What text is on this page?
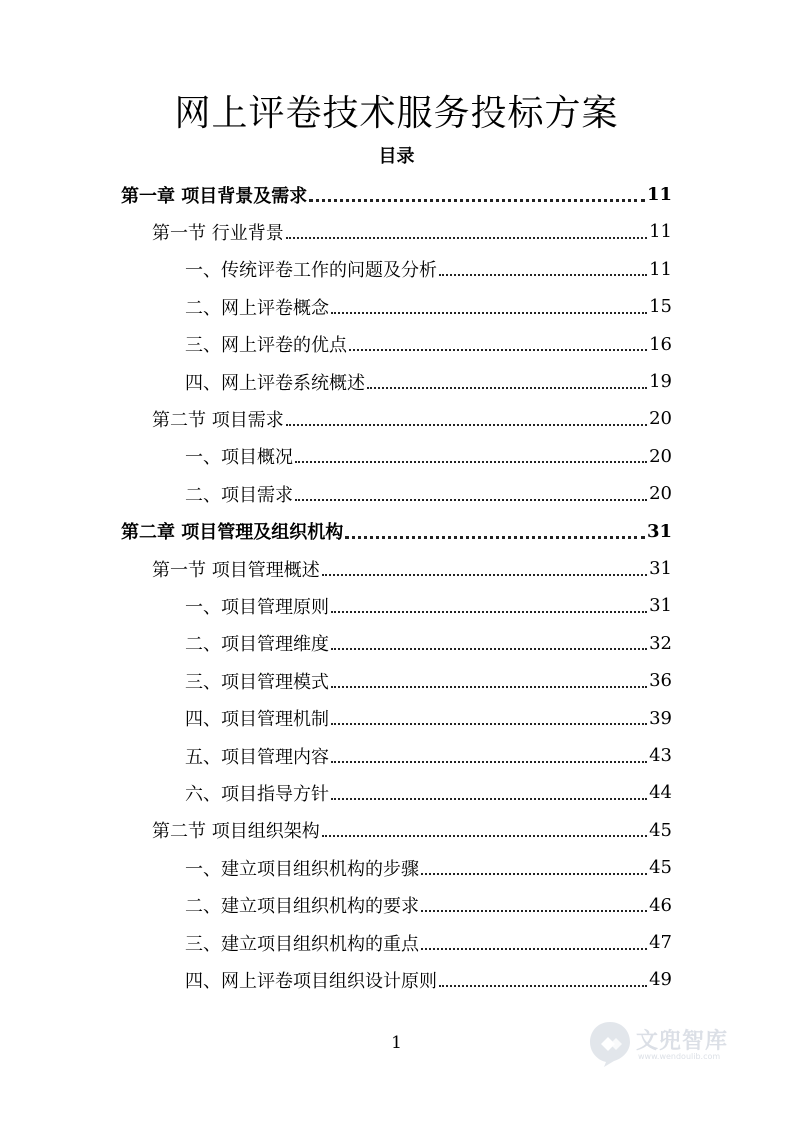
网上评卷技术服务投标方案
目录
第一章 项目背景及需求	11
第一节 行业背景	11
一、传统评卷工作的问题及分析	11
二、网上评卷概念	15
三、网上评卷的优点	16
四、网上评卷系统概述	19
第二节 项目需求	20
一、项目概况	20
二、项目需求	20
第二章 项目管理及组织机构	31
第一节 项目管理概述	31
一、项目管理原则	31
二、项目管理维度	32
三、项目管理模式	36
四、项目管理机制	39
五、项目管理内容	43
六、项目指导方针	44
第二节 项目组织架构	45
一、建立项目组织机构的步骤	45
二、建立项目组织机构的要求	46
三、建立项目组织机构的重点	47
四、网上评卷项目组织设计原则	49
1	文兜智库
www.wendoulib.com
